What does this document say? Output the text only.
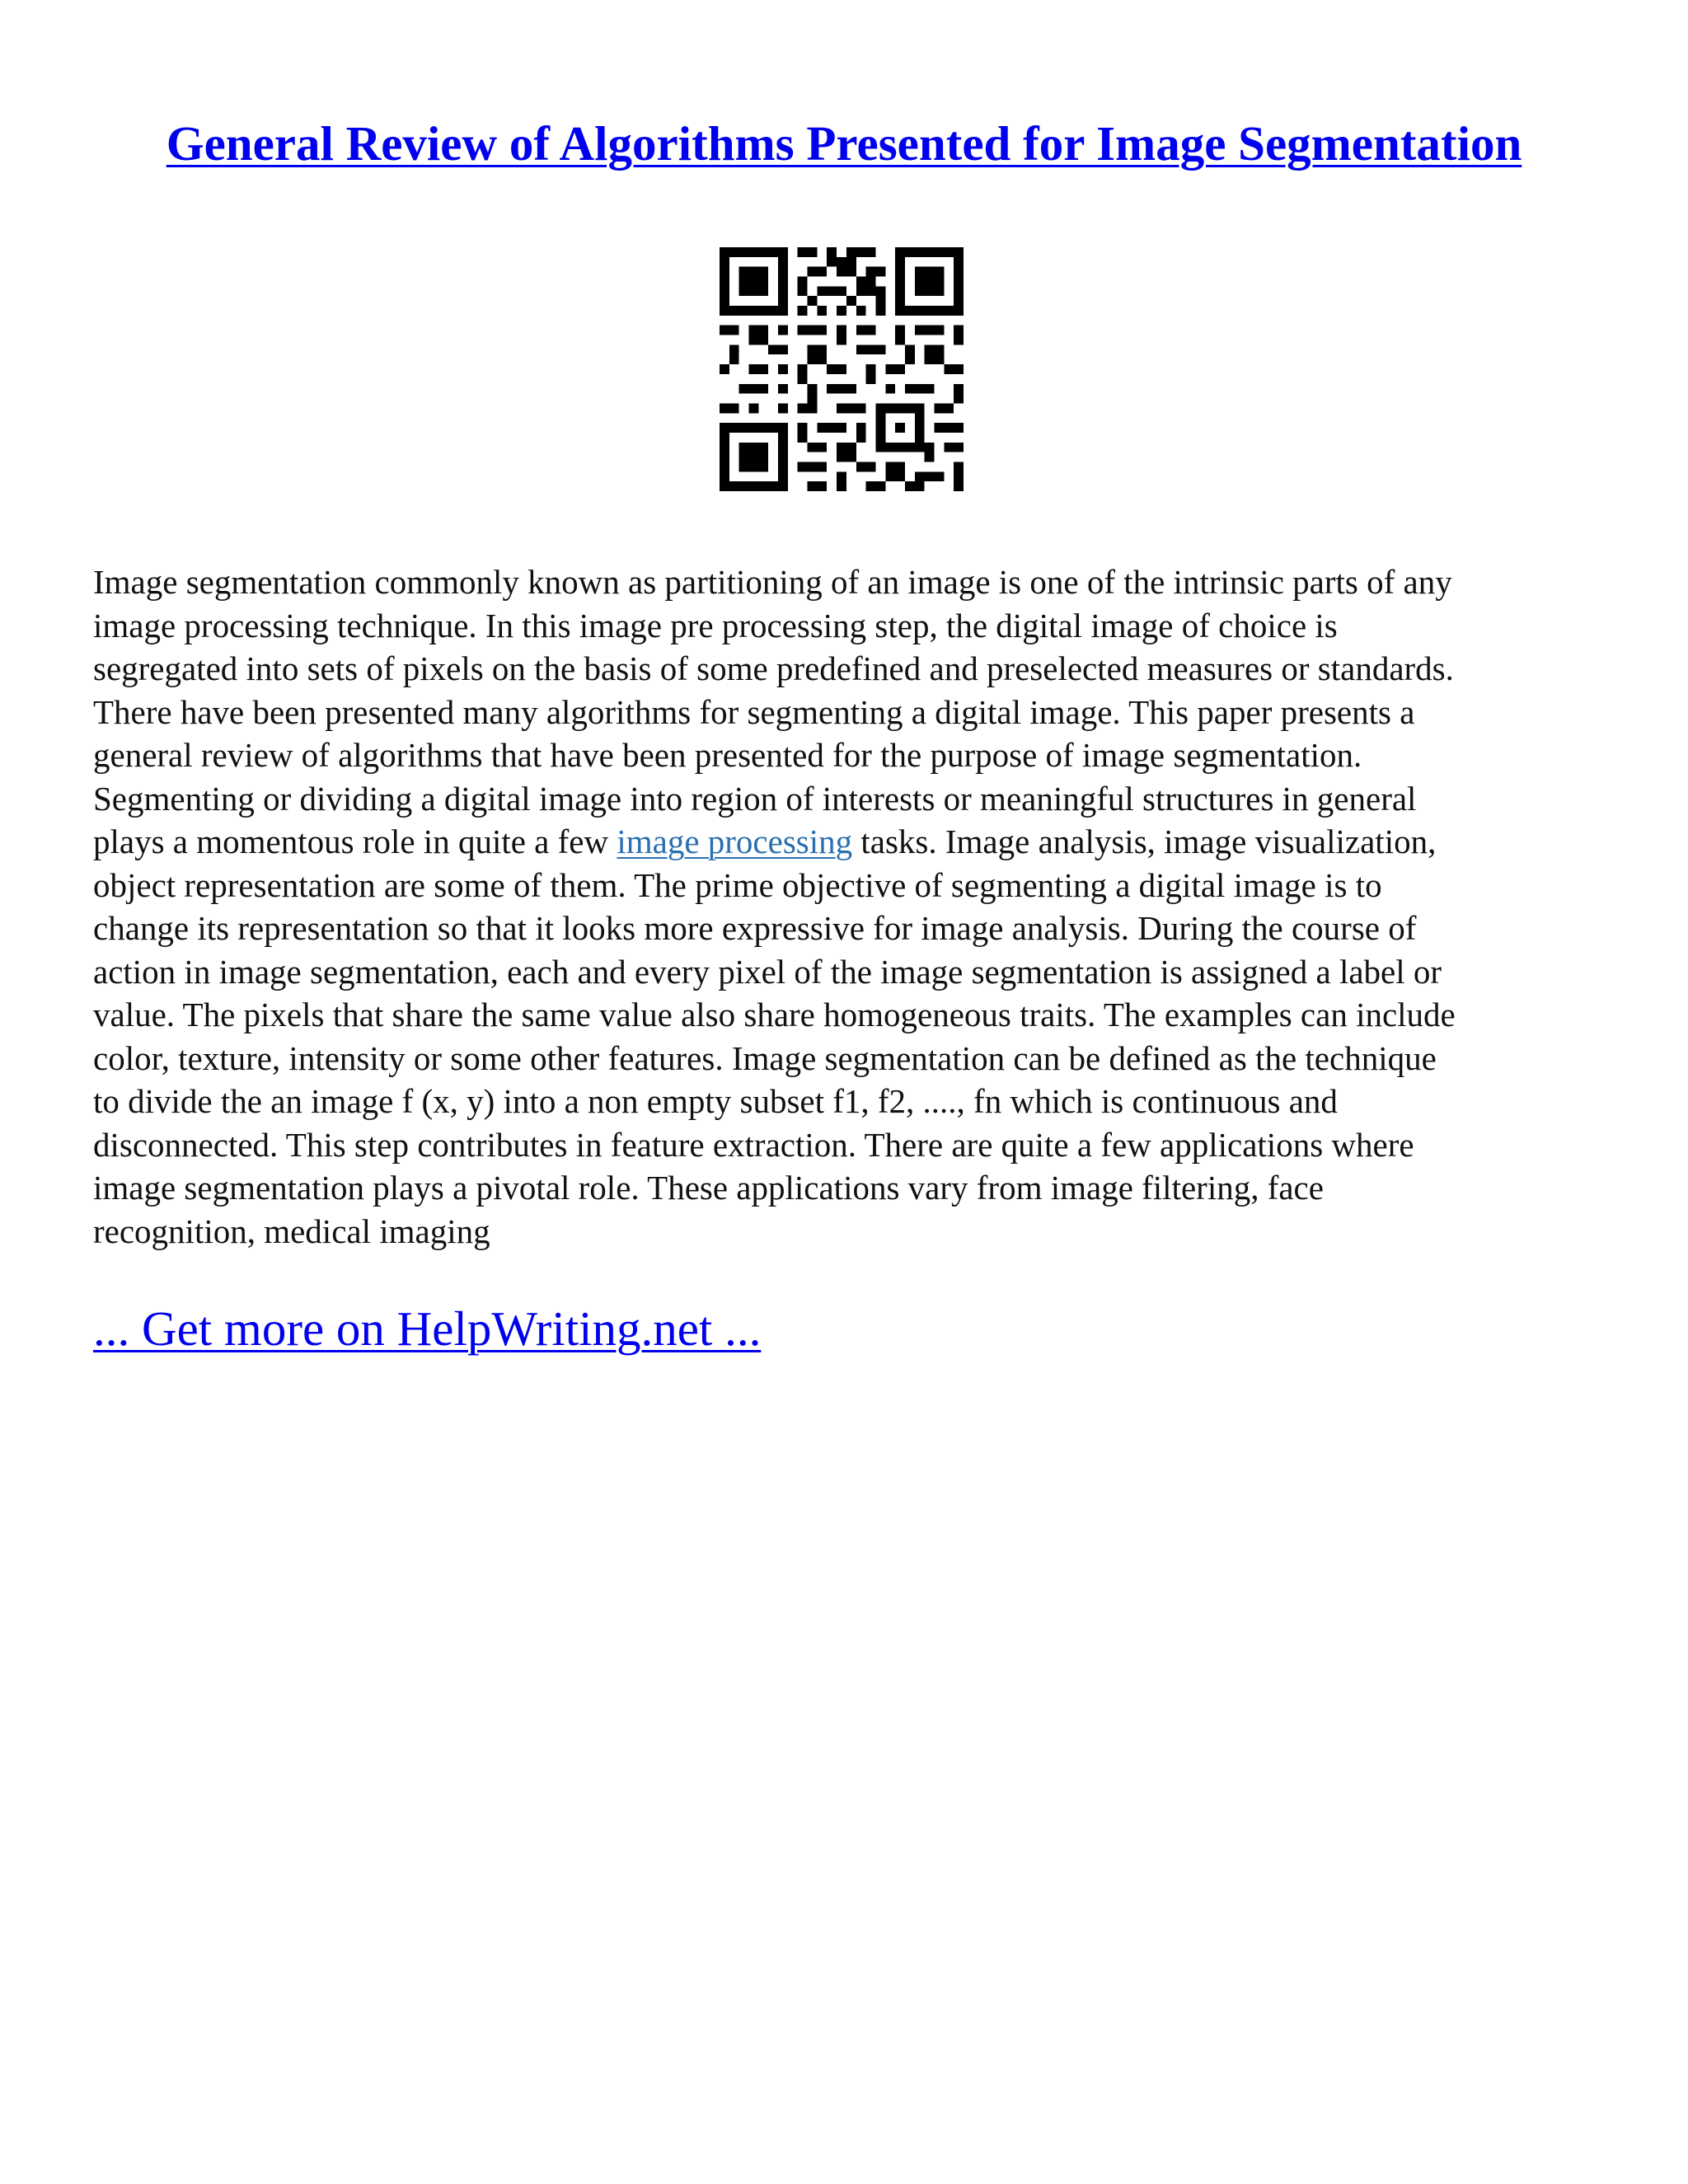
General Review of Algorithms Presented for Image Segmentation

Image segmentation commonly known as partitioning of an image is one of the intrinsic parts of any
image processing technique. In this image pre processing step, the digital image of choice is
segregated into sets of pixels on the basis of some predefined and preselected measures or standards.
There have been presented many algorithms for segmenting a digital image. This paper presents a
general review of algorithms that have been presented for the purpose of image segmentation.
Segmenting or dividing a digital image into region of interests or meaningful structures in general
plays a momentous role in quite a few image processing tasks. Image analysis, image visualization,
object representation are some of them. The prime objective of segmenting a digital image is to
change its representation so that it looks more expressive for image analysis. During the course of
action in image segmentation, each and every pixel of the image segmentation is assigned a label or
value. The pixels that share the same value also share homogeneous traits. The examples can include
color, texture, intensity or some other features. Image segmentation can be defined as the technique
to divide the an image f (x, y) into a non empty subset f1, f2, ...., fn which is continuous and
disconnected. This step contributes in feature extraction. There are quite a few applications where
image segmentation plays a pivotal role. These applications vary from image filtering, face
recognition, medical imaging

... Get more on HelpWriting.net ...
